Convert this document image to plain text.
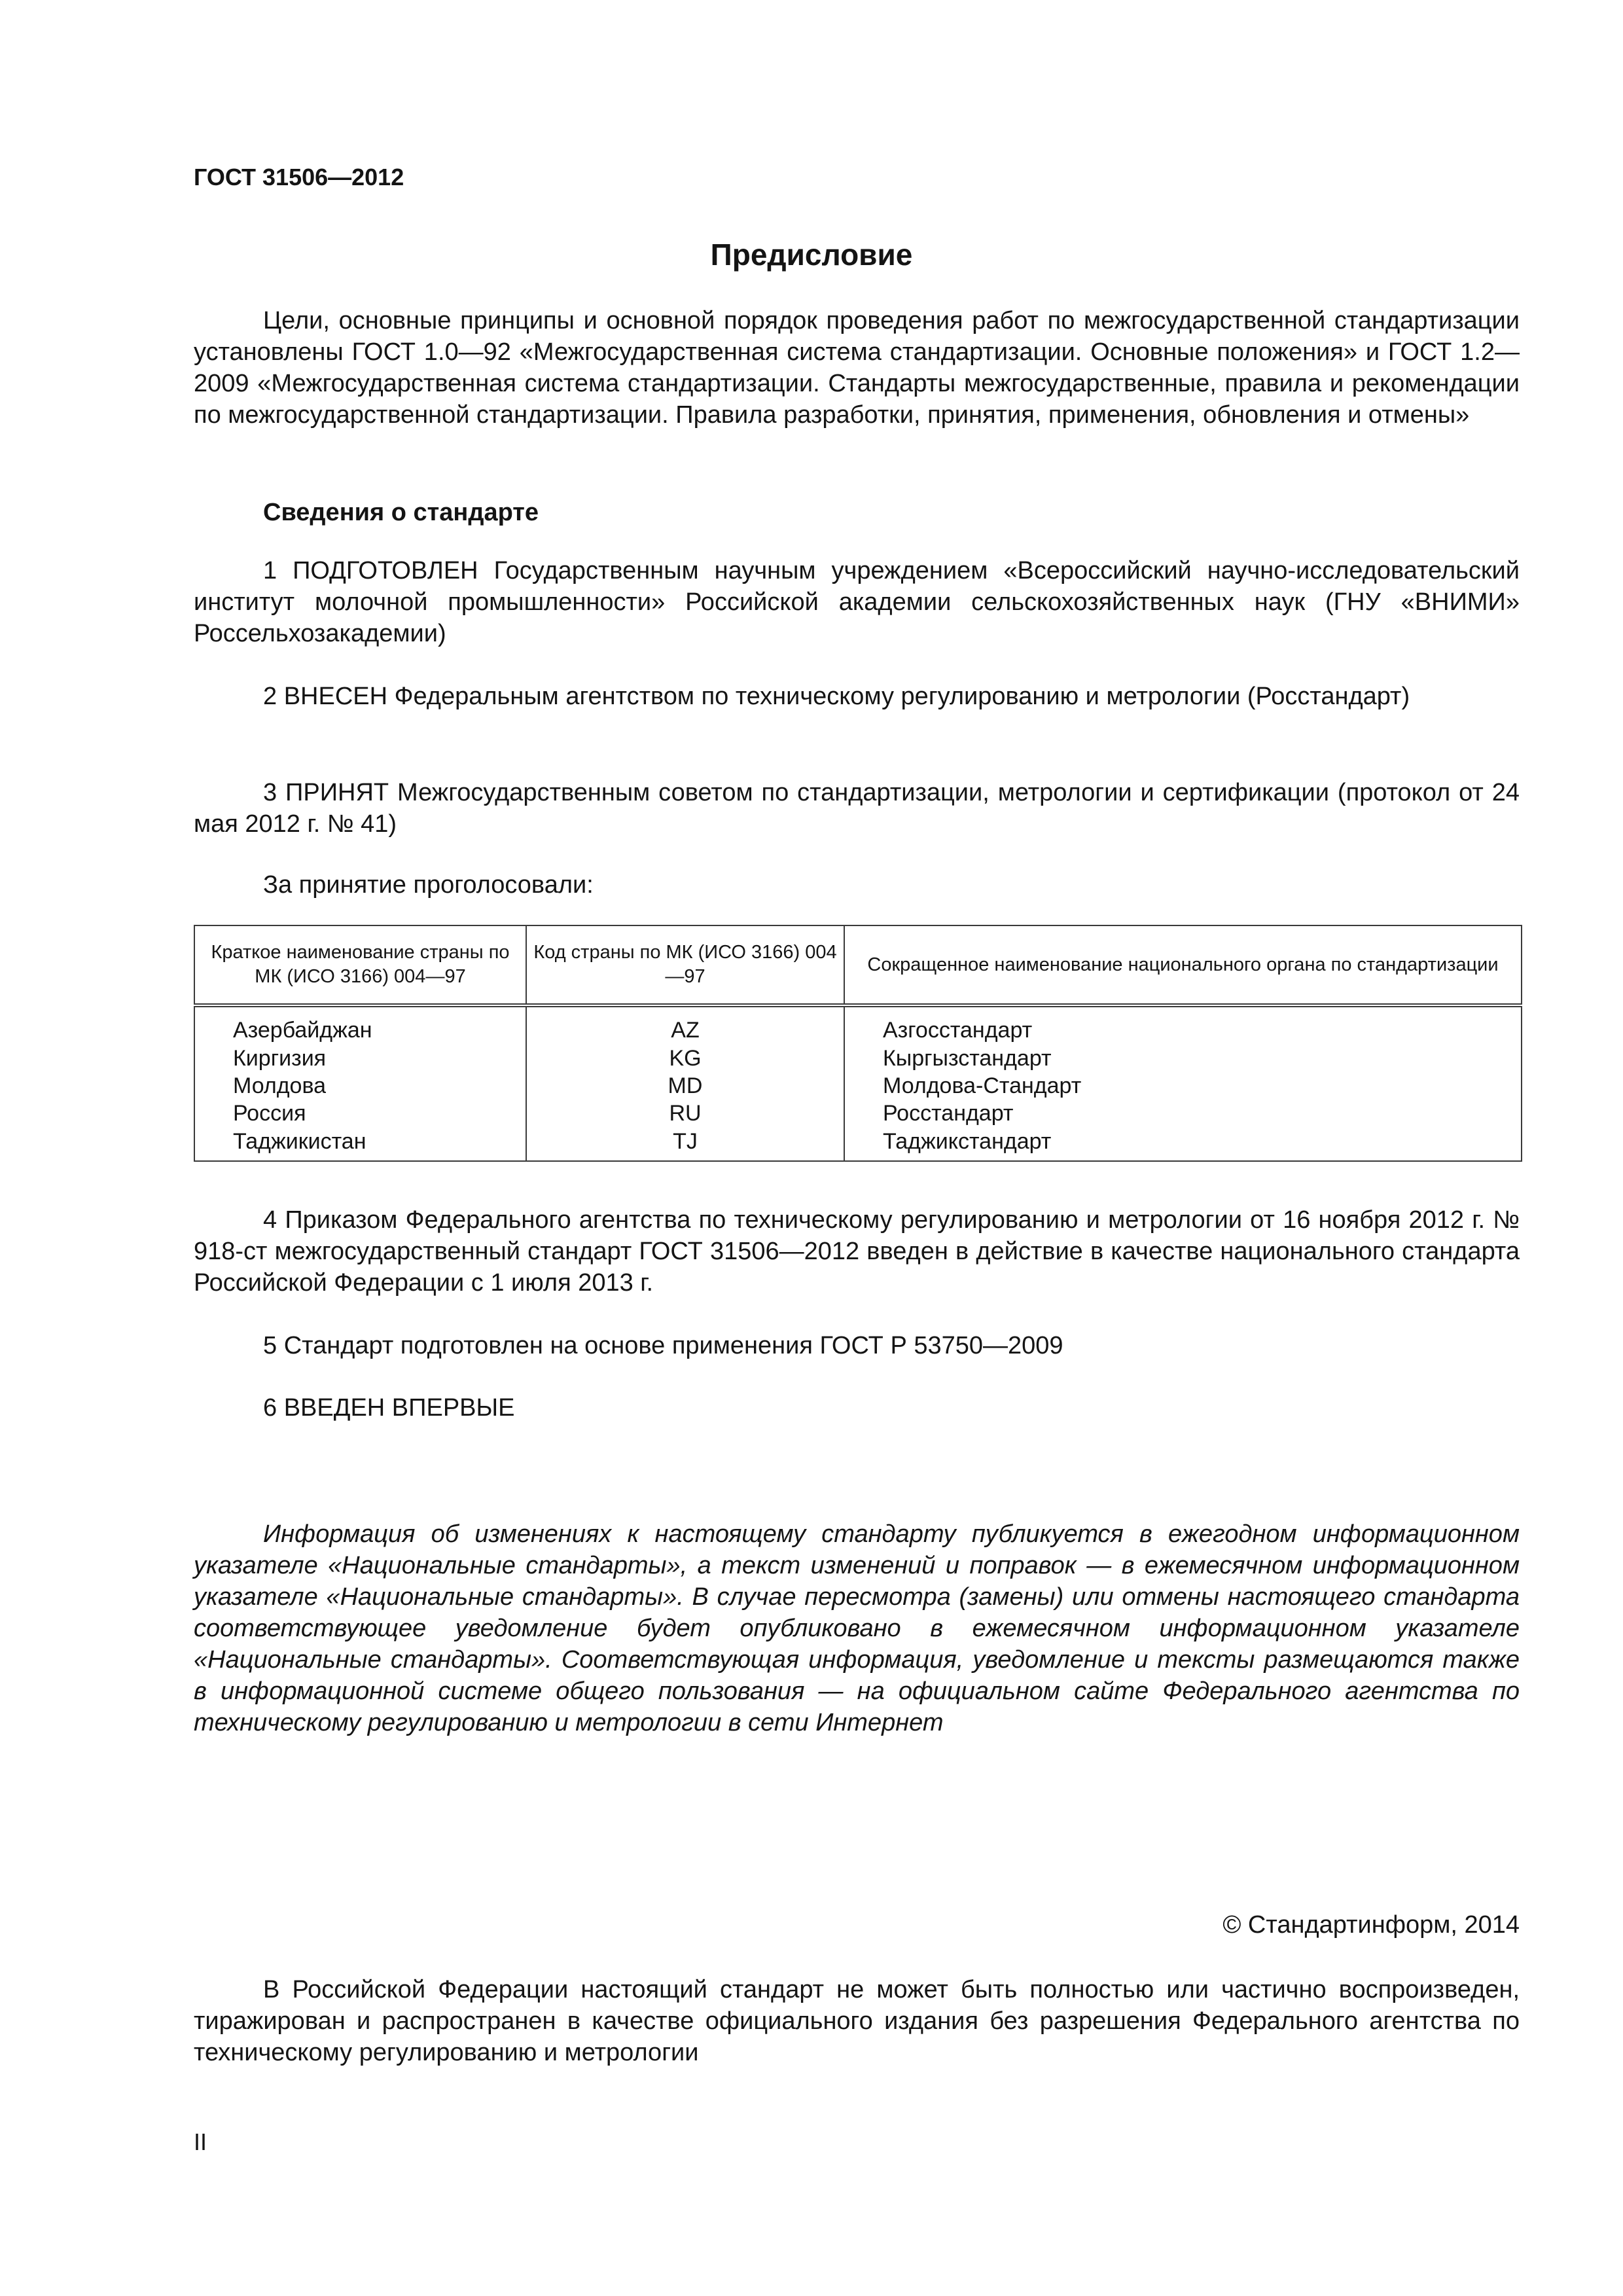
ГОСТ 31506—2012
Предисловие

Цели, основные принципы и основной порядок проведения работ по межгосударственной стандартизации установлены ГОСТ 1.0—92 «Межгосударственная система стандартизации. Основные положения» и ГОСТ 1.2—2009 «Межгосударственная система стандартизации. Стандарты межгосударственные, правила и рекомендации по межгосударственной стандартизации. Правила разработки, принятия, применения, обновления и отмены»

Сведения о стандарте

1 ПОДГОТОВЛЕН Государственным научным учреждением «Всероссийский научно-исследовательский институт молочной промышленности» Российской академии сельскохозяйственных наук (ГНУ «ВНИМИ» Россельхозакадемии)

2 ВНЕСЕН Федеральным агентством по техническому регулированию и метрологии (Росстандарт)

3 ПРИНЯТ Межгосударственным советом по стандартизации, метрологии и сертификации (протокол от 24 мая 2012 г. № 41)

За принятие проголосовали:
Краткое наименование страны по МК (ИСО 3166) 004—97	Код страны по МК (ИСО 3166) 004—97	Сокращенное наименование национального органа по стандартизации
Азербайджан	AZ	Азгосстандарт
Киргизия	KG	Кыргызстандарт
Молдова	MD	Молдова-Стандарт
Россия	RU	Росстандарт
Таджикистан	TJ	Таджикстандарт

4 Приказом Федерального агентства по техническому регулированию и метрологии от 16 ноября 2012 г. № 918-ст межгосударственный стандарт ГОСТ 31506—2012 введен в действие в качестве национального стандарта Российской Федерации с 1 июля 2013 г.

5 Стандарт подготовлен на основе применения ГОСТ Р 53750—2009

6 ВВЕДЕН ВПЕРВЫЕ

Информация об изменениях к настоящему стандарту публикуется в ежегодном информационном указателе «Национальные стандарты», а текст изменений и поправок — в ежемесячном информационном указателе «Национальные стандарты». В случае пересмотра (замены) или отмены настоящего стандарта соответствующее уведомление будет опубликовано в ежемесячном информационном указателе «Национальные стандарты». Соответствующая информация, уведомление и тексты размещаются также в информационной системе общего пользования — на официальном сайте Федерального агентства по техническому регулированию и метрологии в сети Интернет

© Стандартинформ, 2014

В Российской Федерации настоящий стандарт не может быть полностью или частично воспроизведен, тиражирован и распространен в качестве официального издания без разрешения Федерального агентства по техническому регулированию и метрологии

II
